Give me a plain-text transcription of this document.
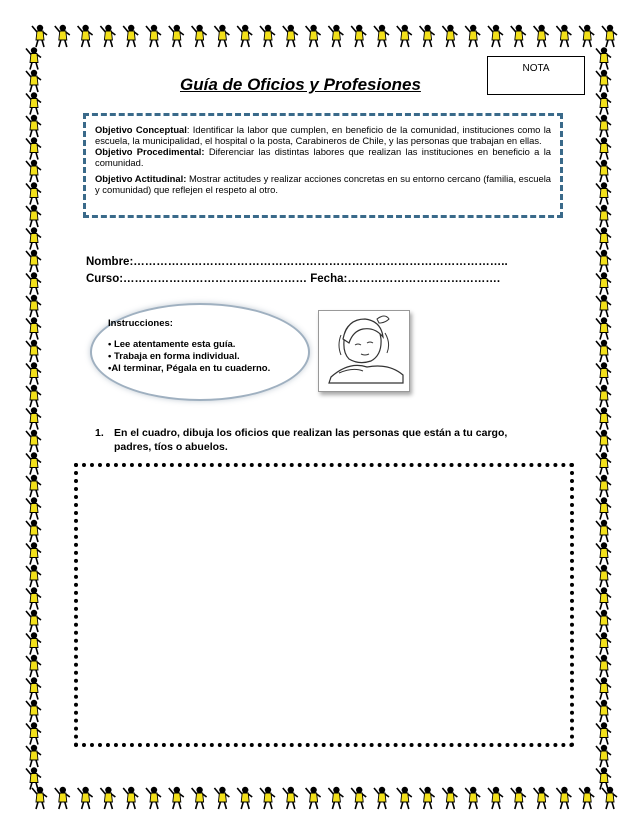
NOTA
Guía de Oficios y Profesiones

Objetivo Conceptual: Identificar la labor que cumplen, en beneficio de la comunidad, instituciones como la escuela, la municipalidad, el hospital o la posta, Carabineros de Chile, y las personas que trabajan en ellas.

Objetivo Procedimental: Diferenciar las distintas labores que realizan las instituciones en beneficio a la comunidad.

Objetivo Actitudinal: Mostrar actitudes y realizar acciones concretas en su entorno cercano (familia, escuela y comunidad) que reflejen el respeto al otro.

Nombre:……………………………………………………………………………………..
Curso:………………………………………… Fecha:………………………………….
Instrucciones:
• Lee atentamente esta guía.
• Trabaja en forma individual.
•Al terminar, Pégala en tu cuaderno.
1. En el cuadro, dibuja los oficios que realizan las personas que están a tu cargo, padres, tíos o abuelos.
